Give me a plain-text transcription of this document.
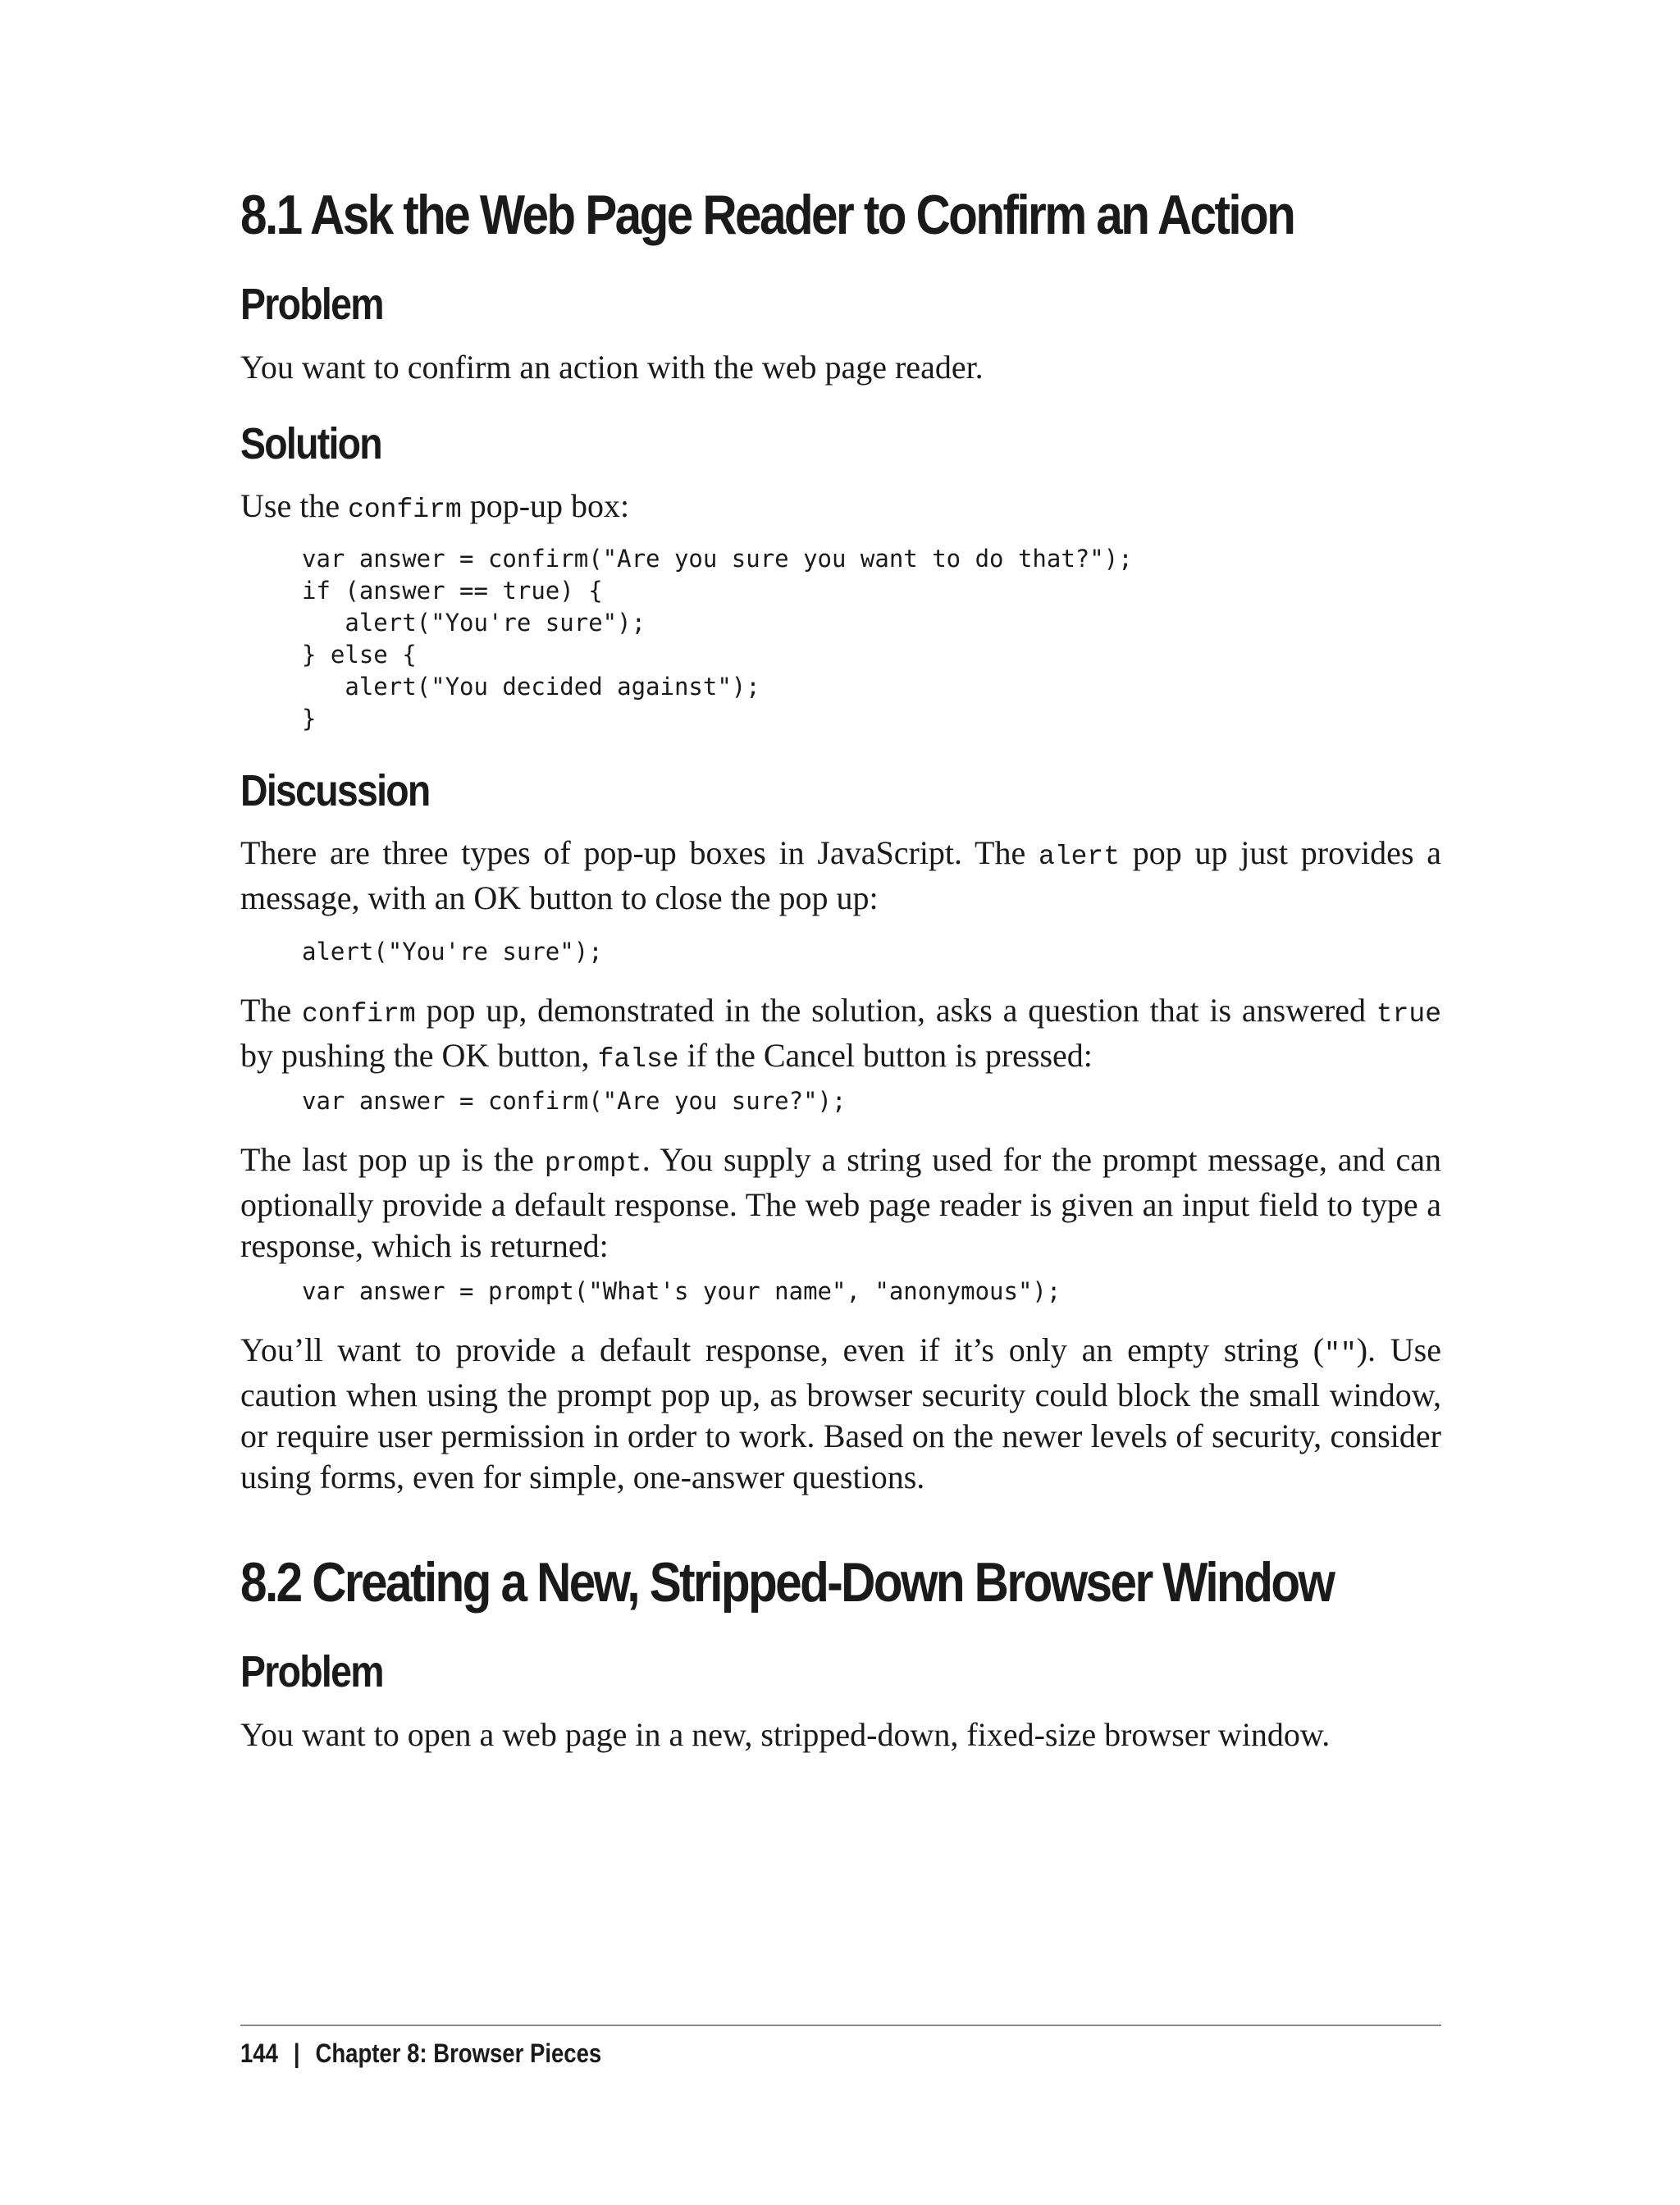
8.1 Ask the Web Page Reader to Confirm an Action
Problem

You want to confirm an action with the web page reader.

Solution

Use the confirm pop-up box:

var answer = confirm("Are you sure you want to do that?");
if (answer == true) {
alert("You're sure");
} else {
alert("You decided against");
}
Discussion

There are three types of pop-up boxes in JavaScript. The alert pop up just provides a message, with an OK button to close the pop up:

alert("You're sure");

The confirm pop up, demonstrated in the solution, asks a question that is answered true by pushing the OK button, false if the Cancel button is pressed:

var answer = confirm("Are you sure?");

The last pop up is the prompt. You supply a string used for the prompt message, and can optionally provide a default response. The web page reader is given an input field to type a response, which is returned:

var answer = prompt("What's your name", "anonymous");

You’ll want to provide a default response, even if it’s only an empty string (""). Use caution when using the prompt pop up, as browser security could block the small window, or require user permission in order to work. Based on the newer levels of security, consider using forms, even for simple, one-answer questions.

8.2 Creating a New, Stripped-Down Browser Window
Problem

You want to open a web page in a new, stripped-down, fixed-size browser window.

144 | Chapter 8: Browser Pieces
